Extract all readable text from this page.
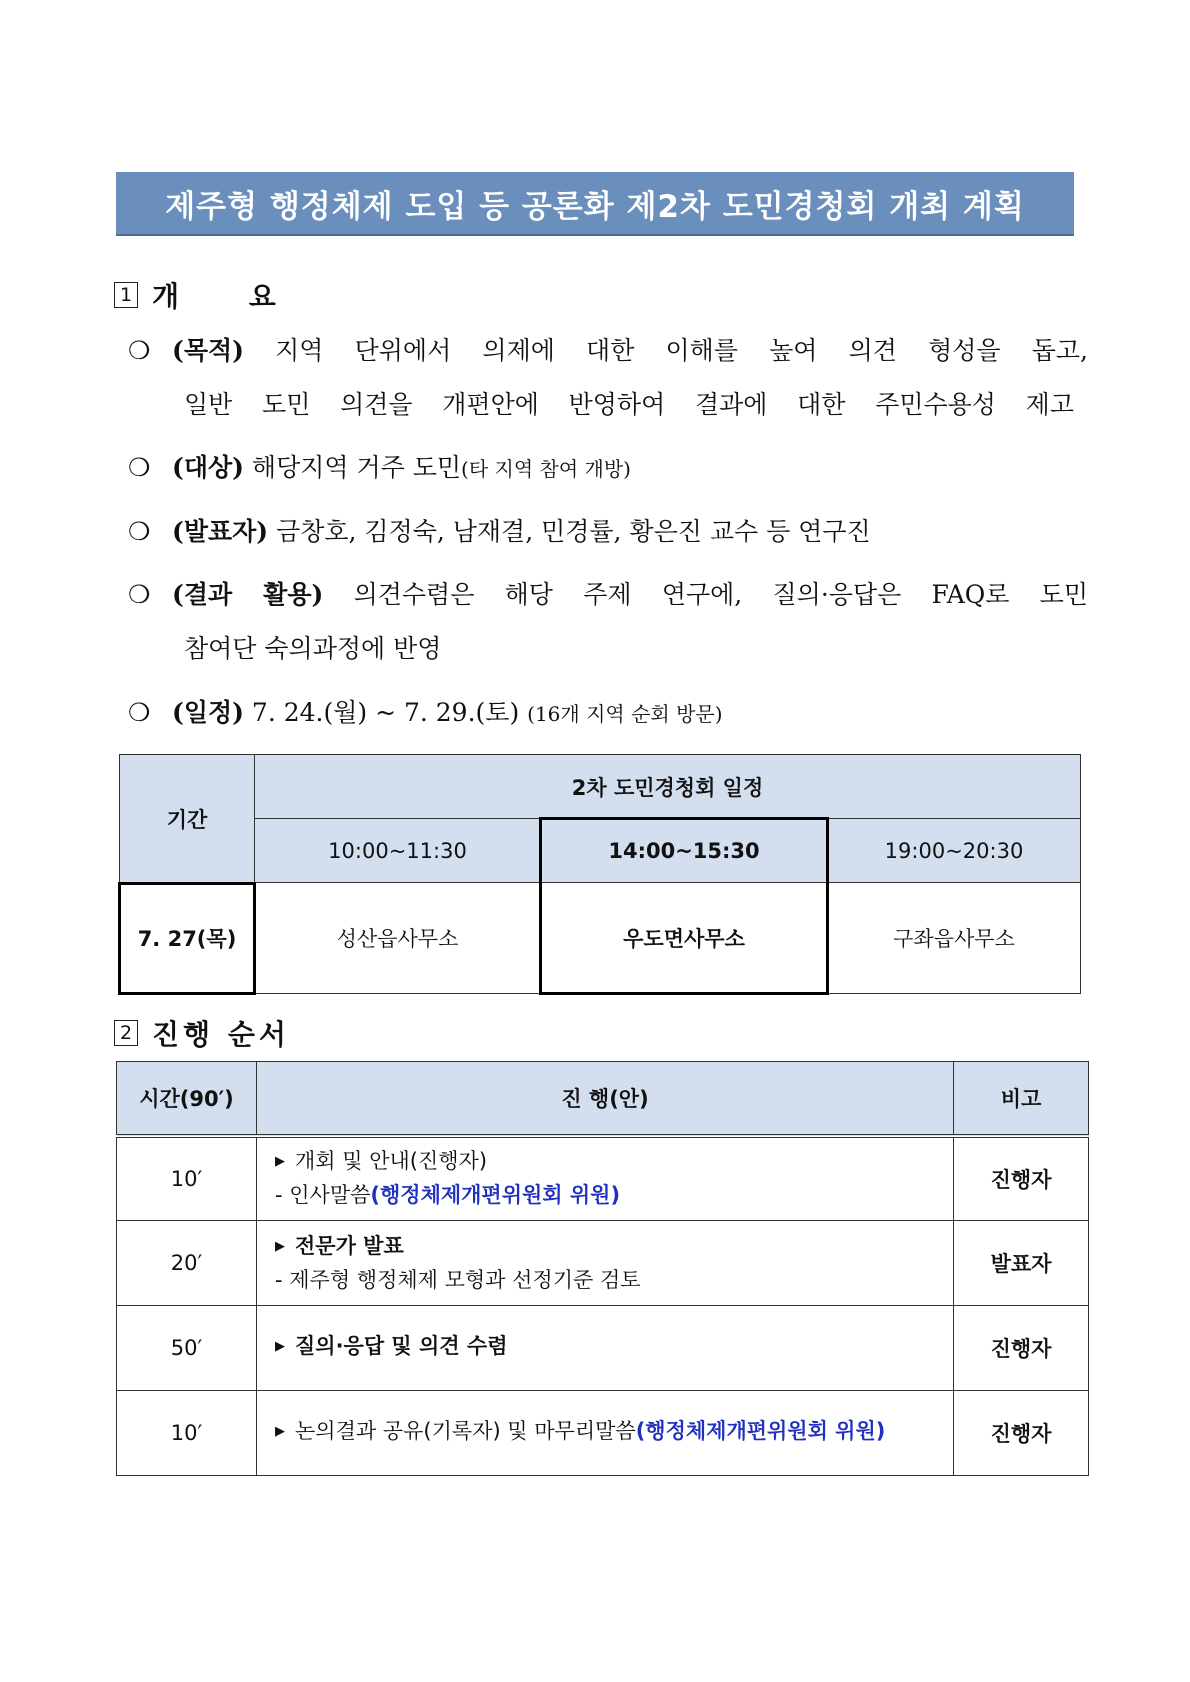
제주형 행정체제 도입 등 공론화 제2차 도민경청회 개최 계획
1 개 요
❍ (목적) 지역 단위에서 의제에 대한 이해를 높여 의견 형성을 돕고,
일반 도민 의견을 개편안에 반영하여 결과에 대한 주민수용성 제고
❍ (대상) 해당지역 거주 도민(타 지역 참여 개방)
❍ (발표자) 금창호, 김정숙, 남재결, 민경률, 황은진 교수 등 연구진
❍ (결과 활용) 의견수렴은 해당 주제 연구에, 질의·응답은 FAQ로 도민
참여단 숙의과정에 반영
❍ (일정) 7. 24.(월) ~ 7. 29.(토) (16개 지역 순회 방문)
기간	2차 도민경청회 일정		
	10:00~11:30	14:00~15:30	19:00~20:30
7. 27(목)	성산읍사무소	우도면사무소	구좌읍사무소
2 진행 순서
시간(90′)	진 행(안)	비고
10′	▶ 개회 및 안내(진행자)
- 인사말씀(행정체제개편위원회 위원)	진행자
20′	▶ 전문가 발표
- 제주형 행정체제 모형과 선정기준 검토	발표자
50′	▶ 질의·응답 및 의견 수렴	진행자
10′	▶ 논의결과 공유(기록자) 및 마무리말씀(행정체제개편위원회 위원)	진행자
